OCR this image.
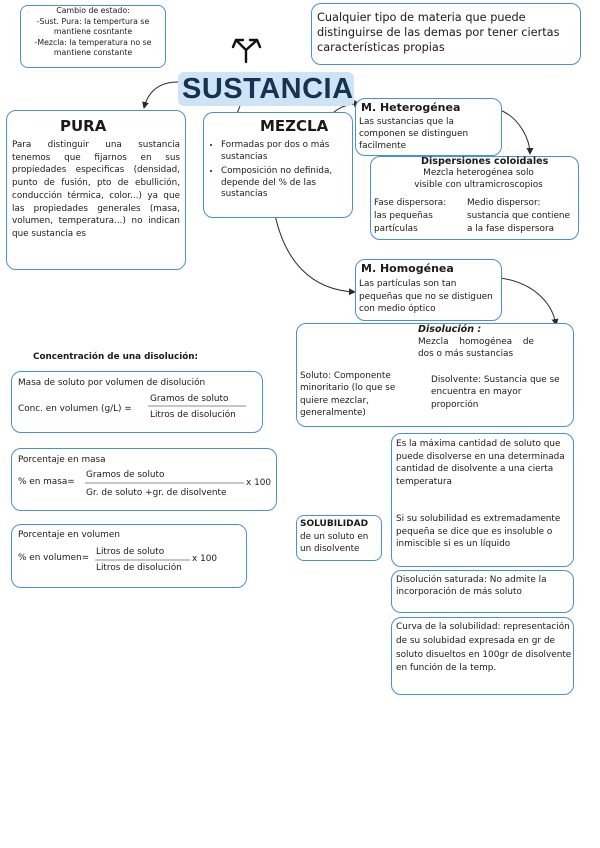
Cambio de estado:
-Sust. Pura: la tempertura se
mantiene cosntante
-Mezcla: la temperatura no se
mantiene constante
Cualquier tipo de materia que puede distinguirse de las demas por tener ciertas características propias
SUSTANCIA
PURA
Para distinguir una sustancia tenemos que fijarnos en sus propiedades especificas (densidad, punto de fusión, pto de ebullición, conducción térmica, color...) ya que las propiedades generales (masa, volumen, temperatura...) no indican que sustancia es
MEZCLA
• Formadas por dos o más sustancias
• Composición no definida, depende del % de las sustancias
M. Heterogénea
Las sustancias que la componen se distinguen facilmente
Dispersiones coloidales
Mezcla heterogénea solo visible con ultramicroscopios
Fase dispersora: las pequeñas partículas
Medio dispersor: sustancia que contiene a la fase dispersora
M. Homogénea
Las partículas son tan pequeñas que no se distiguen con medio óptico
Disolución :
Mezcla homogénea de dos o más sustancias
Soluto: Componente minoritario (lo que se quiere mezclar, generalmente)
Disolvente: Sustancia que se encuentra en mayor proporción
Concentración de una disolución:
Masa de soluto por volumen de disolución
Conc. en volumen (g/L) =
Gramos de soluto
Litros de disolución
Porcentaje en masa
% en masa=
Gramos de soluto
Gr. de soluto +gr. de disolvente
x 100
Porcentaje en volumen
% en volumen=
Litros de soluto
Litros de disolución
x 100
SOLUBILIDAD
de un soluto en un disolvente
Es la máxima cantidad de soluto que puede disolverse en una determinada cantidad de disolvente a una cierta temperatura
Si su solubilidad es extremadamente pequeña se dice que es insoluble o inmiscible si es un líquido
Disolución saturada: No admite la incorporación de más soluto
Curva de la solubilidad: representación de su solubidad expresada en gr de soluto disueltos en 100gr de disolvente en función de la temp.
